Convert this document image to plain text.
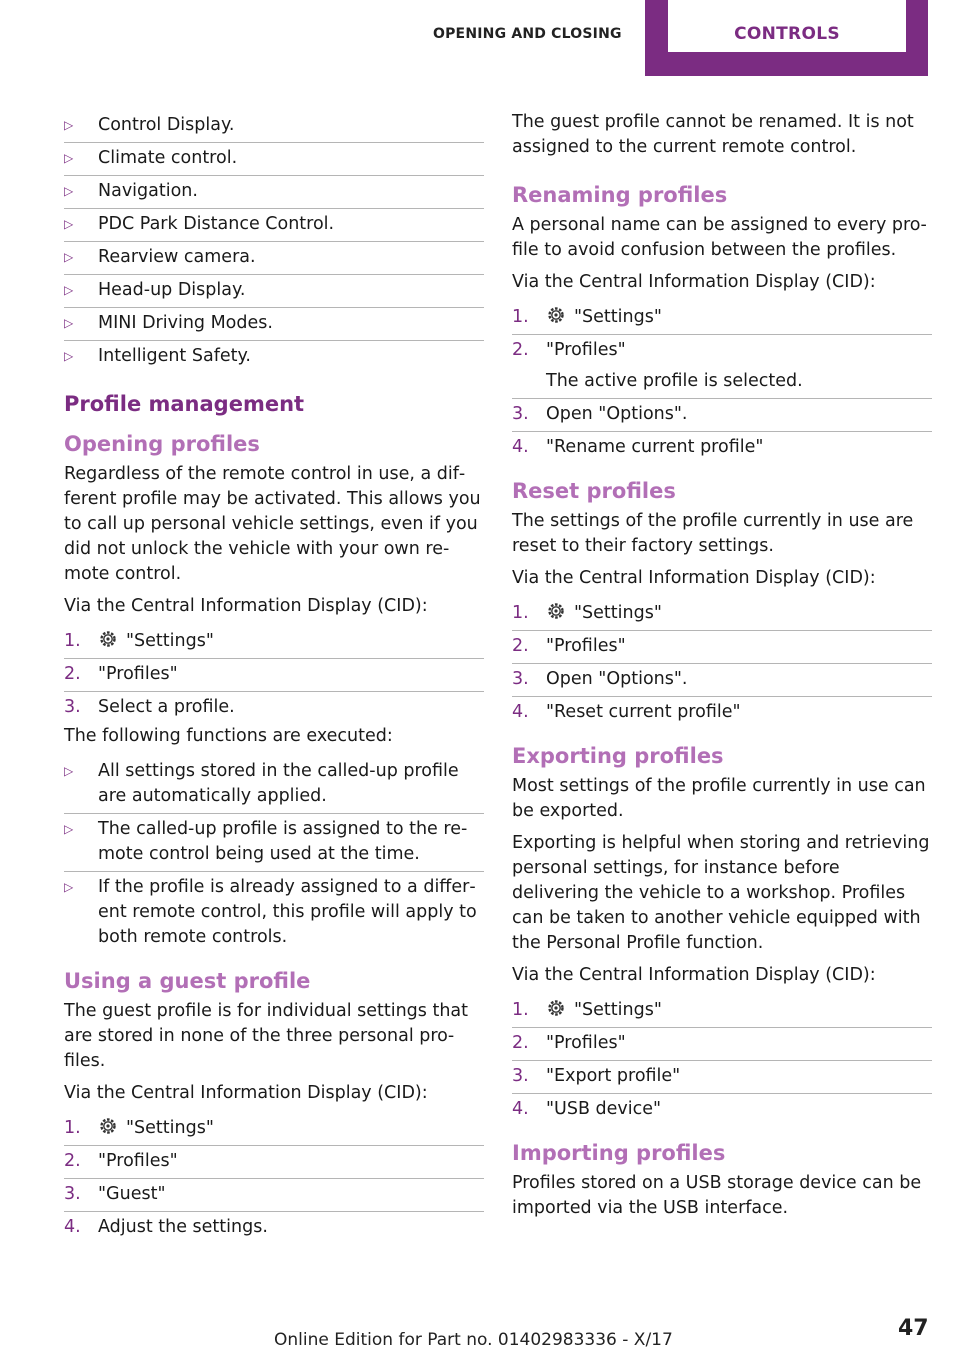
OPENING AND CLOSING	CONTROLS
▷ Control Display.
▷ Climate control.
▷ Navigation.
▷ PDC Park Distance Control.
▷ Rearview camera.
▷ Head-up Display.
▷ MINI Driving Modes.
▷ Intelligent Safety.
Profile management
Opening profiles

Regardless of the remote control in use, a different profile may be activated. This allows you to call up personal vehicle settings, even if you did not unlock the vehicle with your own remote control.

Via the Central Information Display (CID):

1.	"Settings"
2. "Profiles"
3. Select a profile.

The following functions are executed:

▷ All settings stored in the called-up profile are automatically applied.
▷ The called-up profile is assigned to the remote control being used at the time.
▷ If the profile is already assigned to a different remote control, this profile will apply to both remote controls.
Using a guest profile

The guest profile is for individual settings that are stored in none of the three personal profiles.

Via the Central Information Display (CID):

1.	"Settings"
2. "Profiles"
3. "Guest"
4. Adjust the settings.

The guest profile cannot be renamed. It is not assigned to the current remote control.

Renaming profiles

A personal name can be assigned to every profile to avoid confusion between the profiles.

Via the Central Information Display (CID):

1.	"Settings"
2. "Profiles"
The active profile is selected.
3. Open "Options".
4. "Rename current profile"
Reset profiles

The settings of the profile currently in use are reset to their factory settings.

Via the Central Information Display (CID):

1.	"Settings"
2. "Profiles"
3. Open "Options".
4. "Reset current profile"
Exporting profiles

Most settings of the profile currently in use can be exported.

Exporting is helpful when storing and retrieving personal settings, for instance before delivering the vehicle to a workshop. Profiles can be taken to another vehicle equipped with the Personal Profile function.

Via the Central Information Display (CID):

1.	"Settings"
2. "Profiles"
3. "Export profile"
4. "USB device"
Importing profiles

Profiles stored on a USB storage device can be imported via the USB interface.

Online Edition for Part no. 01402983336 - X/17	47
